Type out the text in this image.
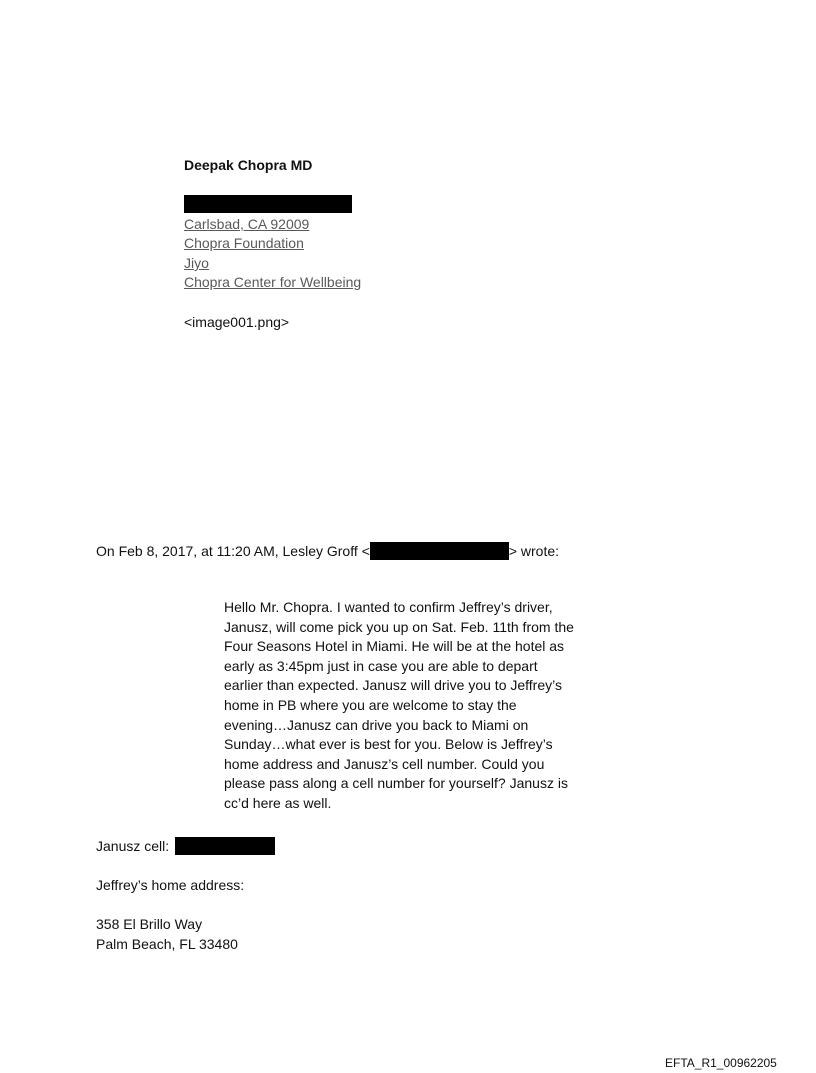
Deepak Chopra MD
Carlsbad, CA 92009
Chopra Foundation
Jiyo
Chopra Center for Wellbeing
<image001.png>
On Feb 8, 2017, at 11:20 AM, Lesley Groff <	> wrote:
Hello Mr. Chopra. I wanted to confirm Jeffrey’s driver,
Janusz, will come pick you up on Sat. Feb. 11th from the
Four Seasons Hotel in Miami. He will be at the hotel as
early as 3:45pm just in case you are able to depart
earlier than expected. Janusz will drive you to Jeffrey’s
home in PB where you are welcome to stay the
evening…Janusz can drive you back to Miami on
Sunday…what ever is best for you. Below is Jeffrey’s
home address and Janusz’s cell number. Could you
please pass along a cell number for yourself? Janusz is
cc’d here as well.
Janusz cell:
Jeffrey’s home address:
358 El Brillo Way
Palm Beach, FL 33480
EFTA_R1_00962205
